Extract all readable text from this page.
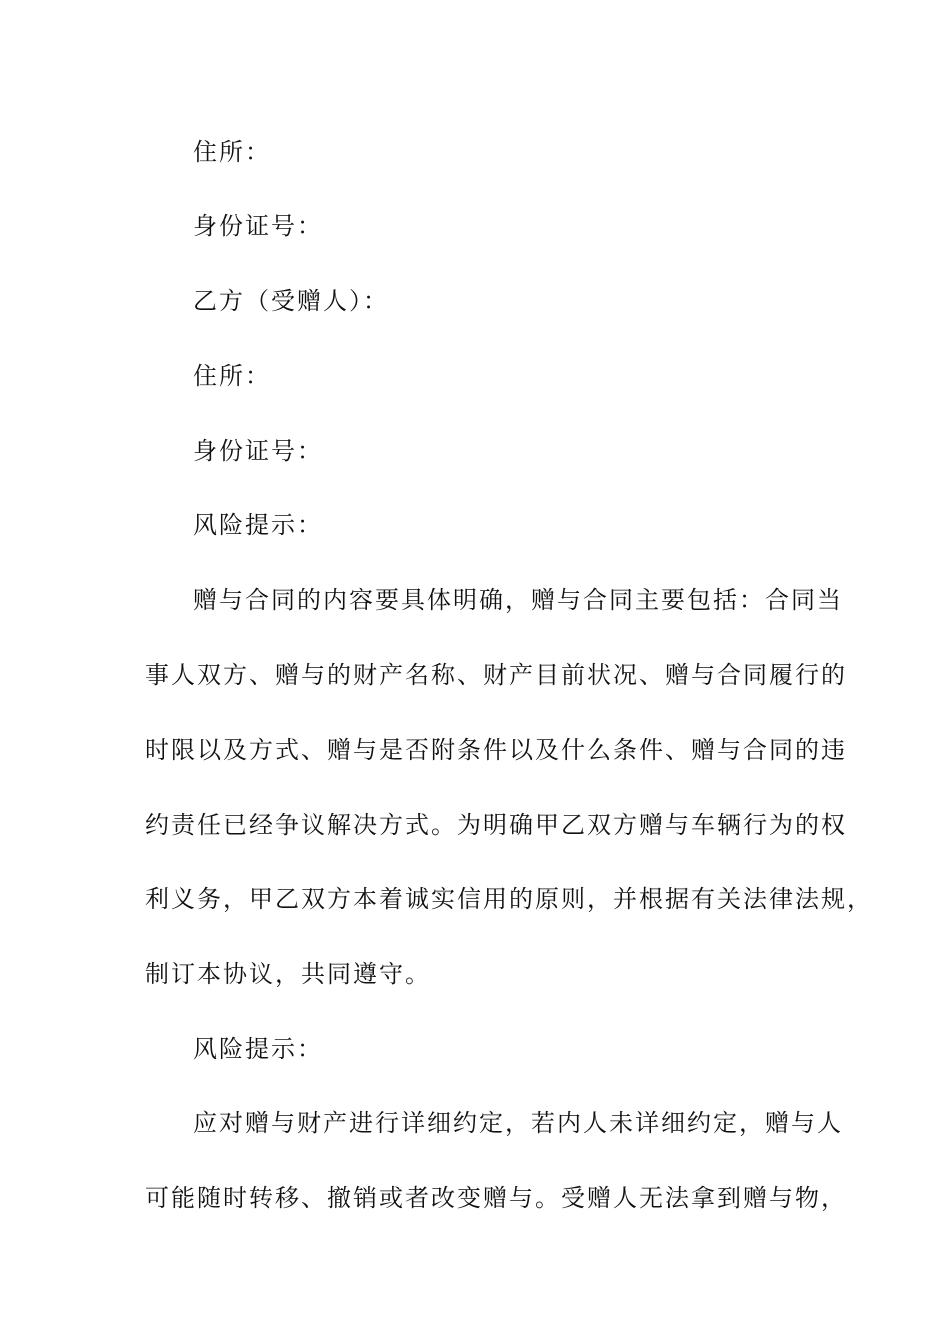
住所：

身份证号：

乙方（受赠人）：

住所：

身份证号：

风险提示：

赠与合同的内容要具体明确，赠与合同主要包括：合同当

事人双方、赠与的财产名称、财产目前状况、赠与合同履行的

时限以及方式、赠与是否附条件以及什么条件、赠与合同的违

约责任已经争议解决方式。为明确甲乙双方赠与车辆行为的权

利义务，甲乙双方本着诚实信用的原则，并根据有关法律法规，

制订本协议，共同遵守。

风险提示：

应对赠与财产进行详细约定，若内人未详细约定，赠与人

可能随时转移、撤销或者改变赠与。受赠人无法拿到赠与物，
